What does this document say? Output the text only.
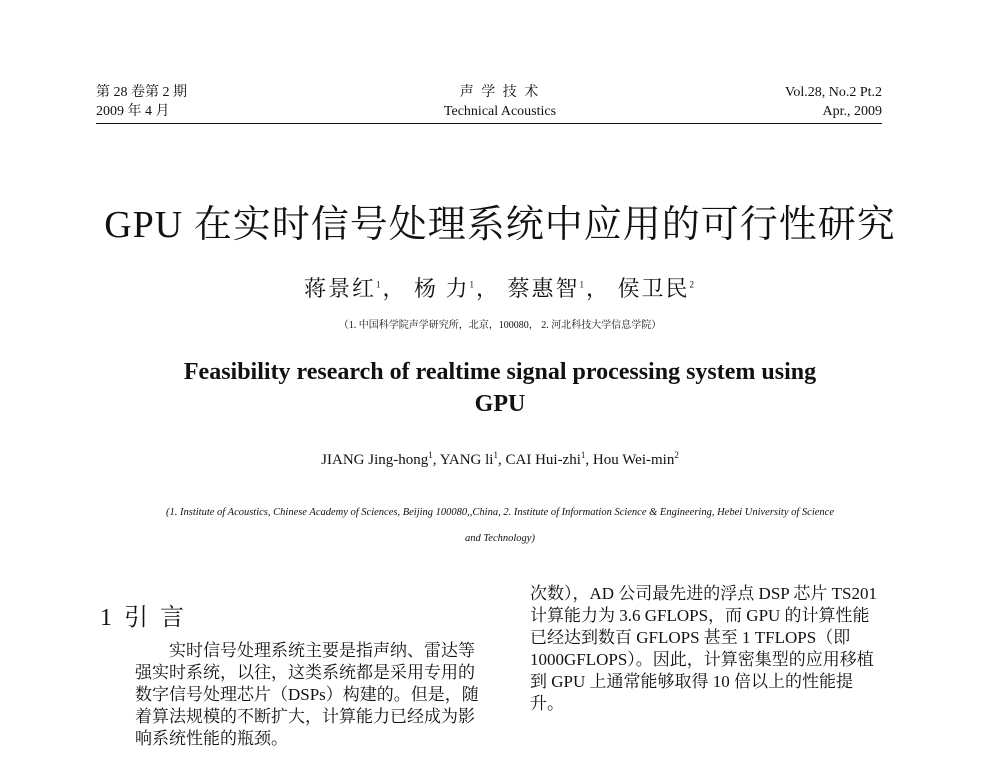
第 28 卷第 2 期
2009 年 4 月
声 学 技 术
Technical Acoustics
Vol.28, No.2 Pt.2
Apr., 2009
GPU 在实时信号处理系统中应用的可行性研究
蒋景红$^1$， 杨 力$^1$， 蔡惠智$^1$， 侯卫民$^2$
（1. 中国科学院声学研究所，北京，100080， 2. 河北科技大学信息学院）
Feasibility research of realtime signal processing system using
GPU
JIANG Jing-hong$^1$, YANG $li^1$, CAI Hui-zhi$^1$, Hou Wei-$\min^2$
(1. Institute of Acoustics, Chinese Academy of Sciences, Beijing 100080,,China, 2. Institute of Information Science & Engineering, Hebei University of Science
and Technology)
1 引 言
实时信号处理系统主要是指声纳、雷达等
强实时系统，以往，这类系统都是采用专用的
数字信号处理芯片（DSPs）构建的。但是，随
着算法规模的不断扩大，计算能力已经成为影
响系统性能的瓶颈。
次数），AD 公司最先进的浮点 DSP 芯片 TS201
计算能力为 3.6 GFLOPS，而 GPU 的计算性能
已经达到数百 GFLOPS 甚至 1 TFLOPS（即
1000GFLOPS）。因此，计算密集型的应用移植
到 GPU 上通常能够取得 10 倍以上的性能提
升。
